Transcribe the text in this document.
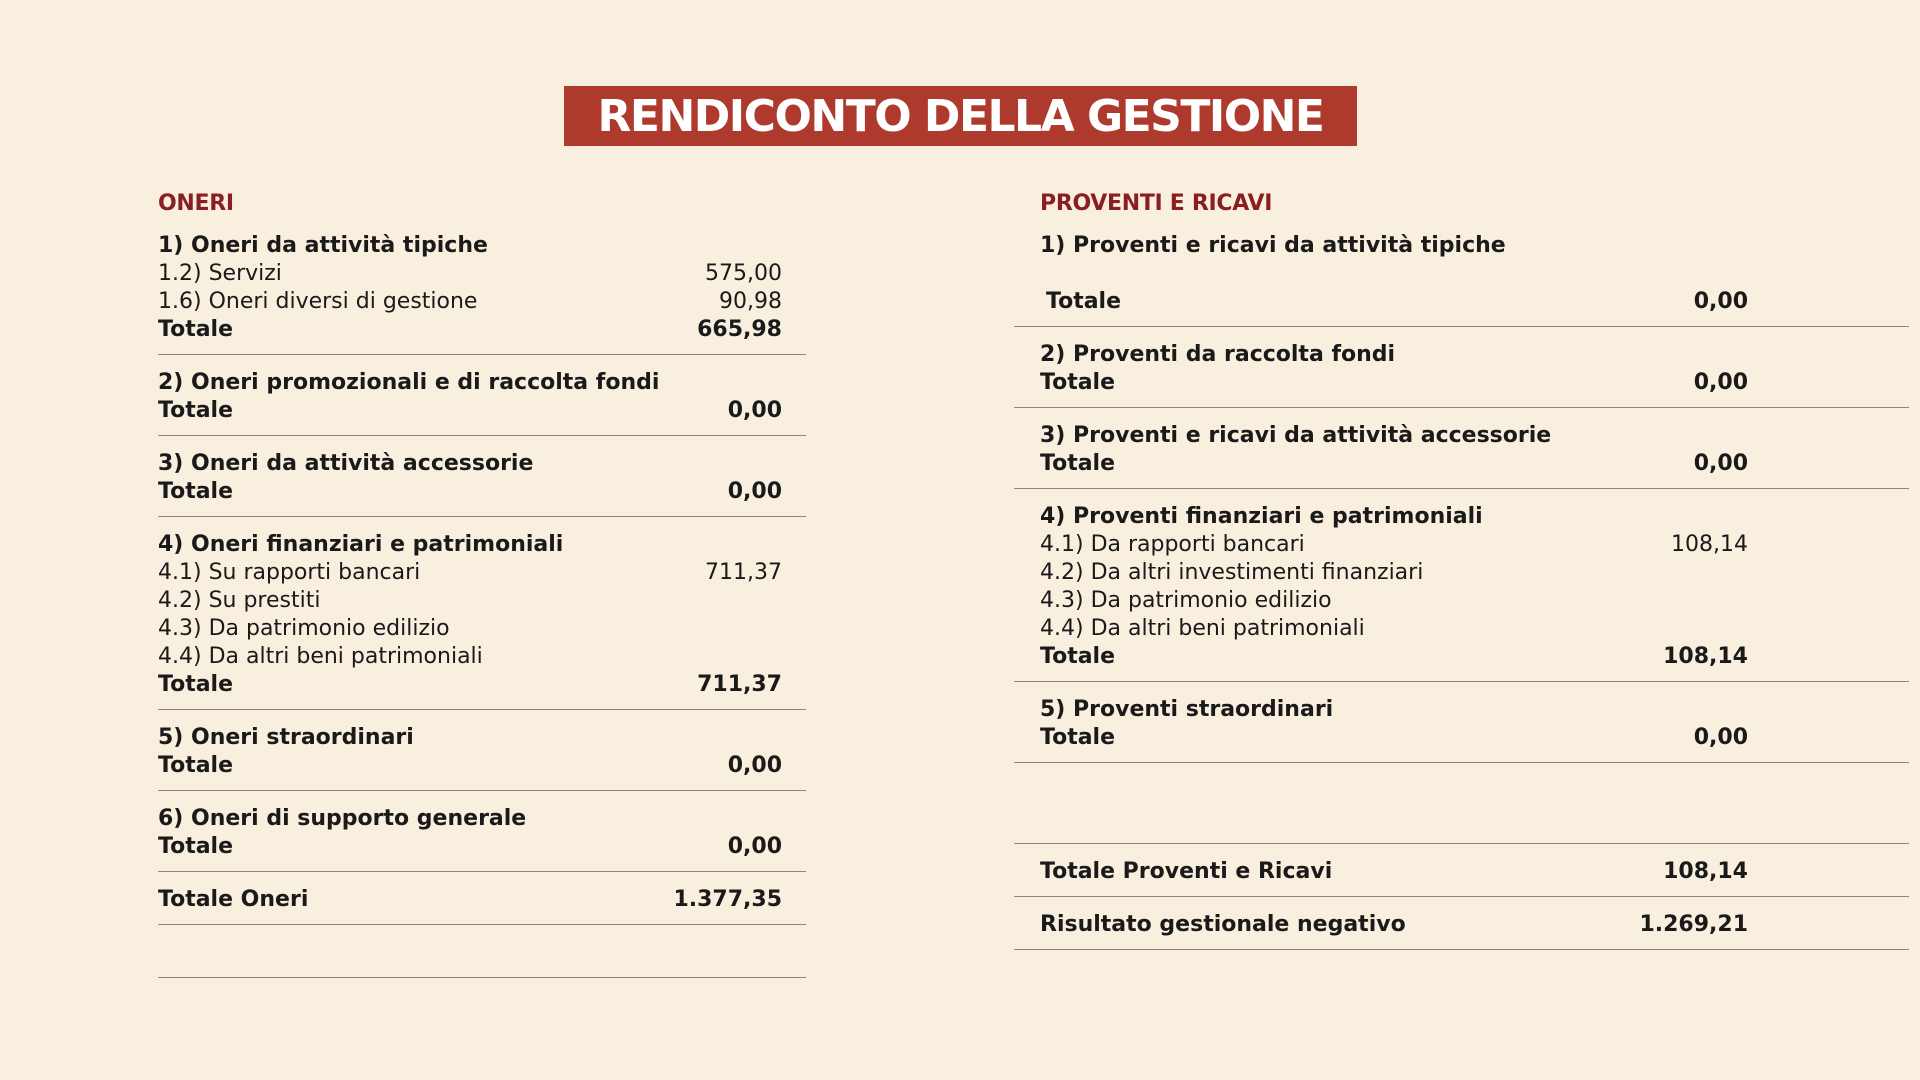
RENDICONTO DELLA GESTIONE
ONERI
1) Oneri da attività tipiche
1.2) Servizi	575,00
1.6) Oneri diversi di gestione	90,98
Totale	665,98
2) Oneri promozionali e di raccolta fondi
Totale	0,00
3) Oneri da attività accessorie
Totale	0,00
4) Oneri finanziari e patrimoniali
4.1) Su rapporti bancari	711,37
4.2) Su prestiti
4.3) Da patrimonio edilizio
4.4) Da altri beni patrimoniali
Totale	711,37
5) Oneri straordinari
Totale	0,00
6) Oneri di supporto generale
Totale	0,00
Totale Oneri	1.377,35
PROVENTI E RICAVI
1) Proventi e ricavi da attività tipiche
Totale	0,00
2) Proventi da raccolta fondi
Totale	0,00
3) Proventi e ricavi da attività accessorie
Totale	0,00
4) Proventi finanziari e patrimoniali
4.1) Da rapporti bancari	108,14
4.2) Da altri investimenti finanziari
4.3) Da patrimonio edilizio
4.4) Da altri beni patrimoniali
Totale	108,14
5) Proventi straordinari
Totale	0,00
Totale Proventi e Ricavi	108,14
Risultato gestionale negativo	1.269,21
